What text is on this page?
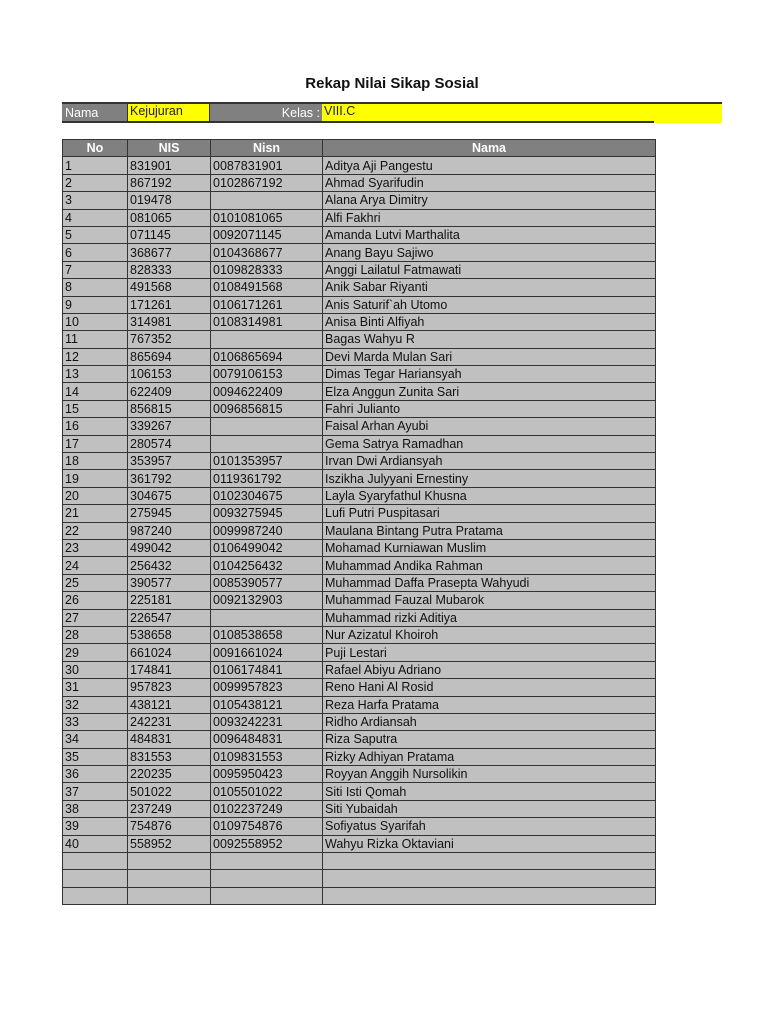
Rekap Nilai Sikap Sosial
Nama	Kejujuran	Kelas : VIII.C
No	NIS	Nisn	Nama
1	831901	0087831901	Aditya Aji Pangestu
2	867192	0102867192	Ahmad Syarifudin
3	019478		Alana Arya Dimitry
4	081065	0101081065	Alfi Fakhri
5	071145	0092071145	Amanda Lutvi Marthalita
6	368677	0104368677	Anang Bayu Sajiwo
7	828333	0109828333	Anggi Lailatul Fatmawati
8	491568	0108491568	Anik Sabar Riyanti
9	171261	0106171261	Anis Saturif`ah Utomo
10	314981	0108314981	Anisa Binti Alfiyah
11	767352		Bagas Wahyu R
12	865694	0106865694	Devi Marda Mulan Sari
13	106153	0079106153	Dimas Tegar Hariansyah
14	622409	0094622409	Elza Anggun Zunita Sari
15	856815	0096856815	Fahri Julianto
16	339267		Faisal Arhan Ayubi
17	280574		Gema Satrya Ramadhan
18	353957	0101353957	Irvan Dwi Ardiansyah
19	361792	0119361792	Iszikha Julyyani Ernestiny
20	304675	0102304675	Layla Syaryfathul Khusna
21	275945	0093275945	Lufi Putri Puspitasari
22	987240	0099987240	Maulana Bintang Putra Pratama
23	499042	0106499042	Mohamad Kurniawan Muslim
24	256432	0104256432	Muhammad Andika Rahman
25	390577	0085390577	Muhammad Daffa Prasepta Wahyudi
26	225181	0092132903	Muhammad Fauzal Mubarok
27	226547		Muhammad rizki Aditiya
28	538658	0108538658	Nur Azizatul Khoiroh
29	661024	0091661024	Puji Lestari
30	174841	0106174841	Rafael Abiyu Adriano
31	957823	0099957823	Reno Hani Al Rosid
32	438121	0105438121	Reza Harfa Pratama
33	242231	0093242231	Ridho Ardiansah
34	484831	0096484831	Riza Saputra
35	831553	0109831553	Rizky Adhiyan Pratama
36	220235	0095950423	Royyan Anggih Nursolikin
37	501022	0105501022	Siti Isti Qomah
38	237249	0102237249	Siti Yubaidah
39	754876	0109754876	Sofiyatus Syarifah
40	558952	0092558952	Wahyu Rizka Oktaviani
